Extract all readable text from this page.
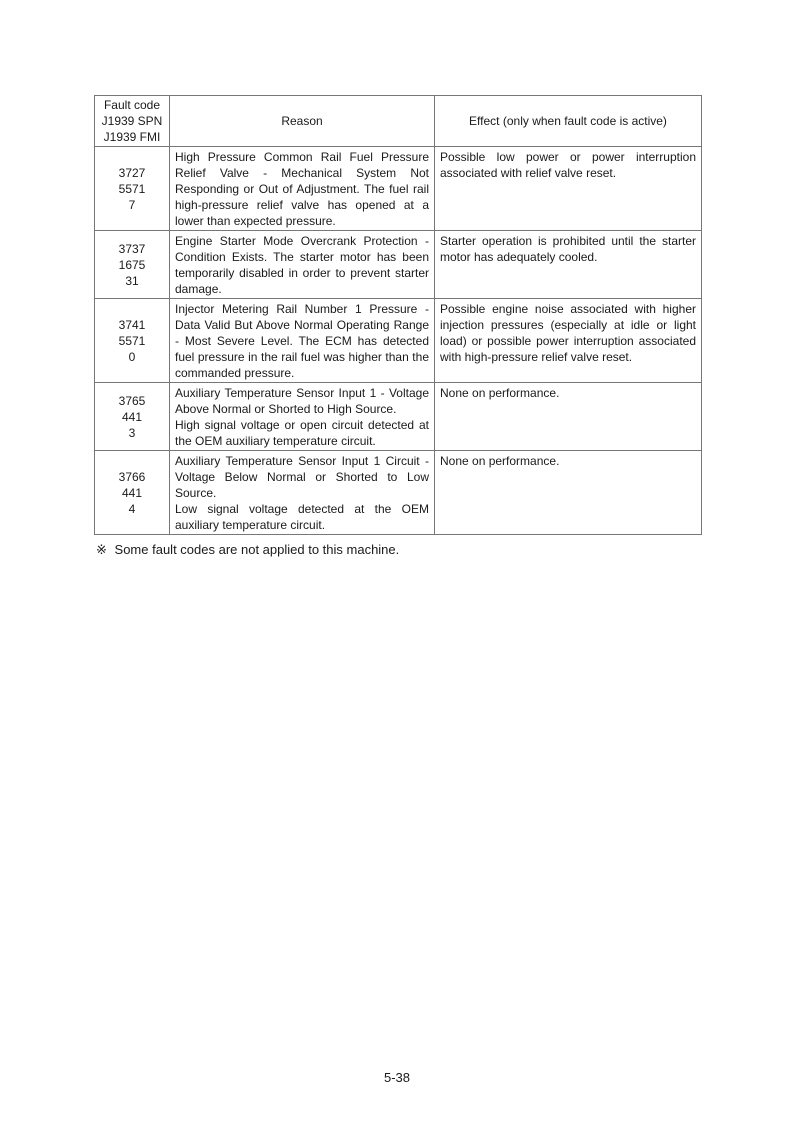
Fault code
J1939 SPN
J1939 FMI	Reason	Effect (only when fault code is active)

3727
5571
7	High Pressure Common Rail Fuel Pressure Relief Valve - Mechanical System Not Responding or Out of Adjustment. The fuel rail high-pressure relief valve has opened at a lower than expected pressure.	Possible low power or power interruption associated with relief valve reset.

3737
1675
31	Engine Starter Mode Overcrank Protection - Condition Exists. The starter motor has been temporarily disabled in order to prevent starter damage.	Starter operation is prohibited until the starter motor has adequately cooled.

3741
5571
0	Injector Metering Rail Number 1 Pressure - Data Valid But Above Normal Operating Range - Most Severe Level. The ECM has detected fuel pressure in the rail fuel was higher than the commanded pressure.	Possible engine noise associated with higher injection pressures (especially at idle or light load) or possible power interruption associated with high-pressure relief valve reset.

3765
441
3	Auxiliary Temperature Sensor Input 1 - Voltage Above Normal or Shorted to High Source.
High signal voltage or open circuit detected at the OEM auxiliary temperature circuit.	None on performance.

3766
441
4	Auxiliary Temperature Sensor Input 1 Circuit - Voltage Below Normal or Shorted to Low Source.
Low signal voltage detected at the OEM auxiliary temperature circuit.	None on performance.
※ Some fault codes are not applied to this machine.
5-38
